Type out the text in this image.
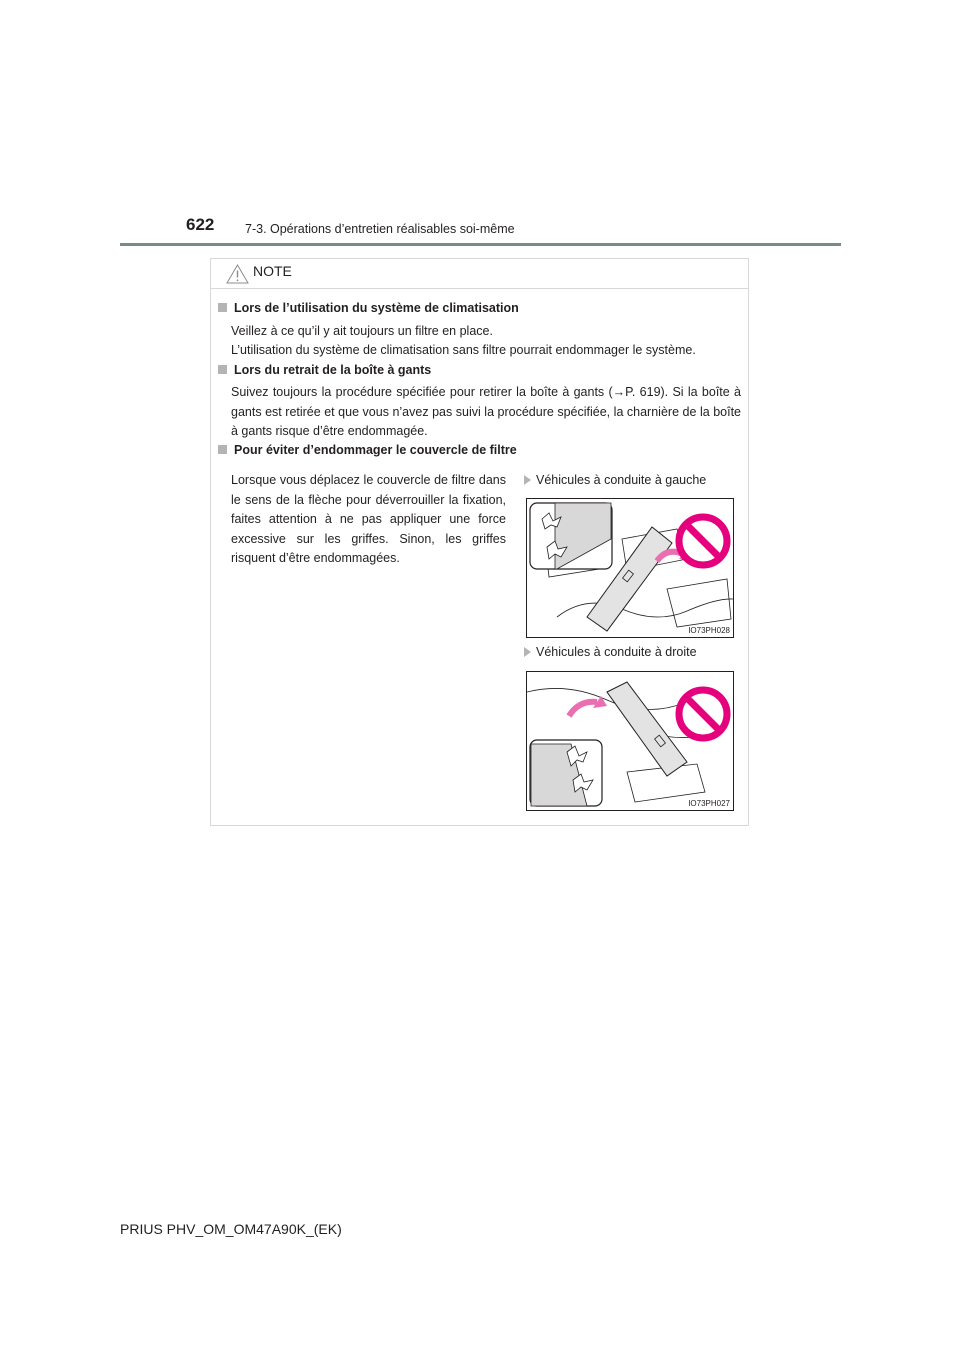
622 7-3. Opérations d’entretien réalisables soi-même
NOTE
Lors de l’utilisation du système de climatisation
Veillez à ce qu’il y ait toujours un filtre en place.
L’utilisation du système de climatisation sans filtre pourrait endommager le système.
Lors du retrait de la boîte à gants
Suivez toujours la procédure spécifiée pour retirer la boîte à gants (→P. 619). Si la boîte à gants est retirée et que vous n’avez pas suivi la procédure spécifiée, la charnière de la boîte à gants risque d’être endommagée.
Pour éviter d’endommager le couvercle de filtre
Lorsque vous déplacez le couvercle de filtre dans le sens de la flèche pour déverrouiller la fixation, faites attention à ne pas appliquer une force excessive sur les griffes. Sinon, les griffes risquent d’être endommagées.
Véhicules à conduite à gauche
IO73PH028
Véhicules à conduite à droite
IO73PH027
PRIUS PHV_OM_OM47A90K_(EK)
